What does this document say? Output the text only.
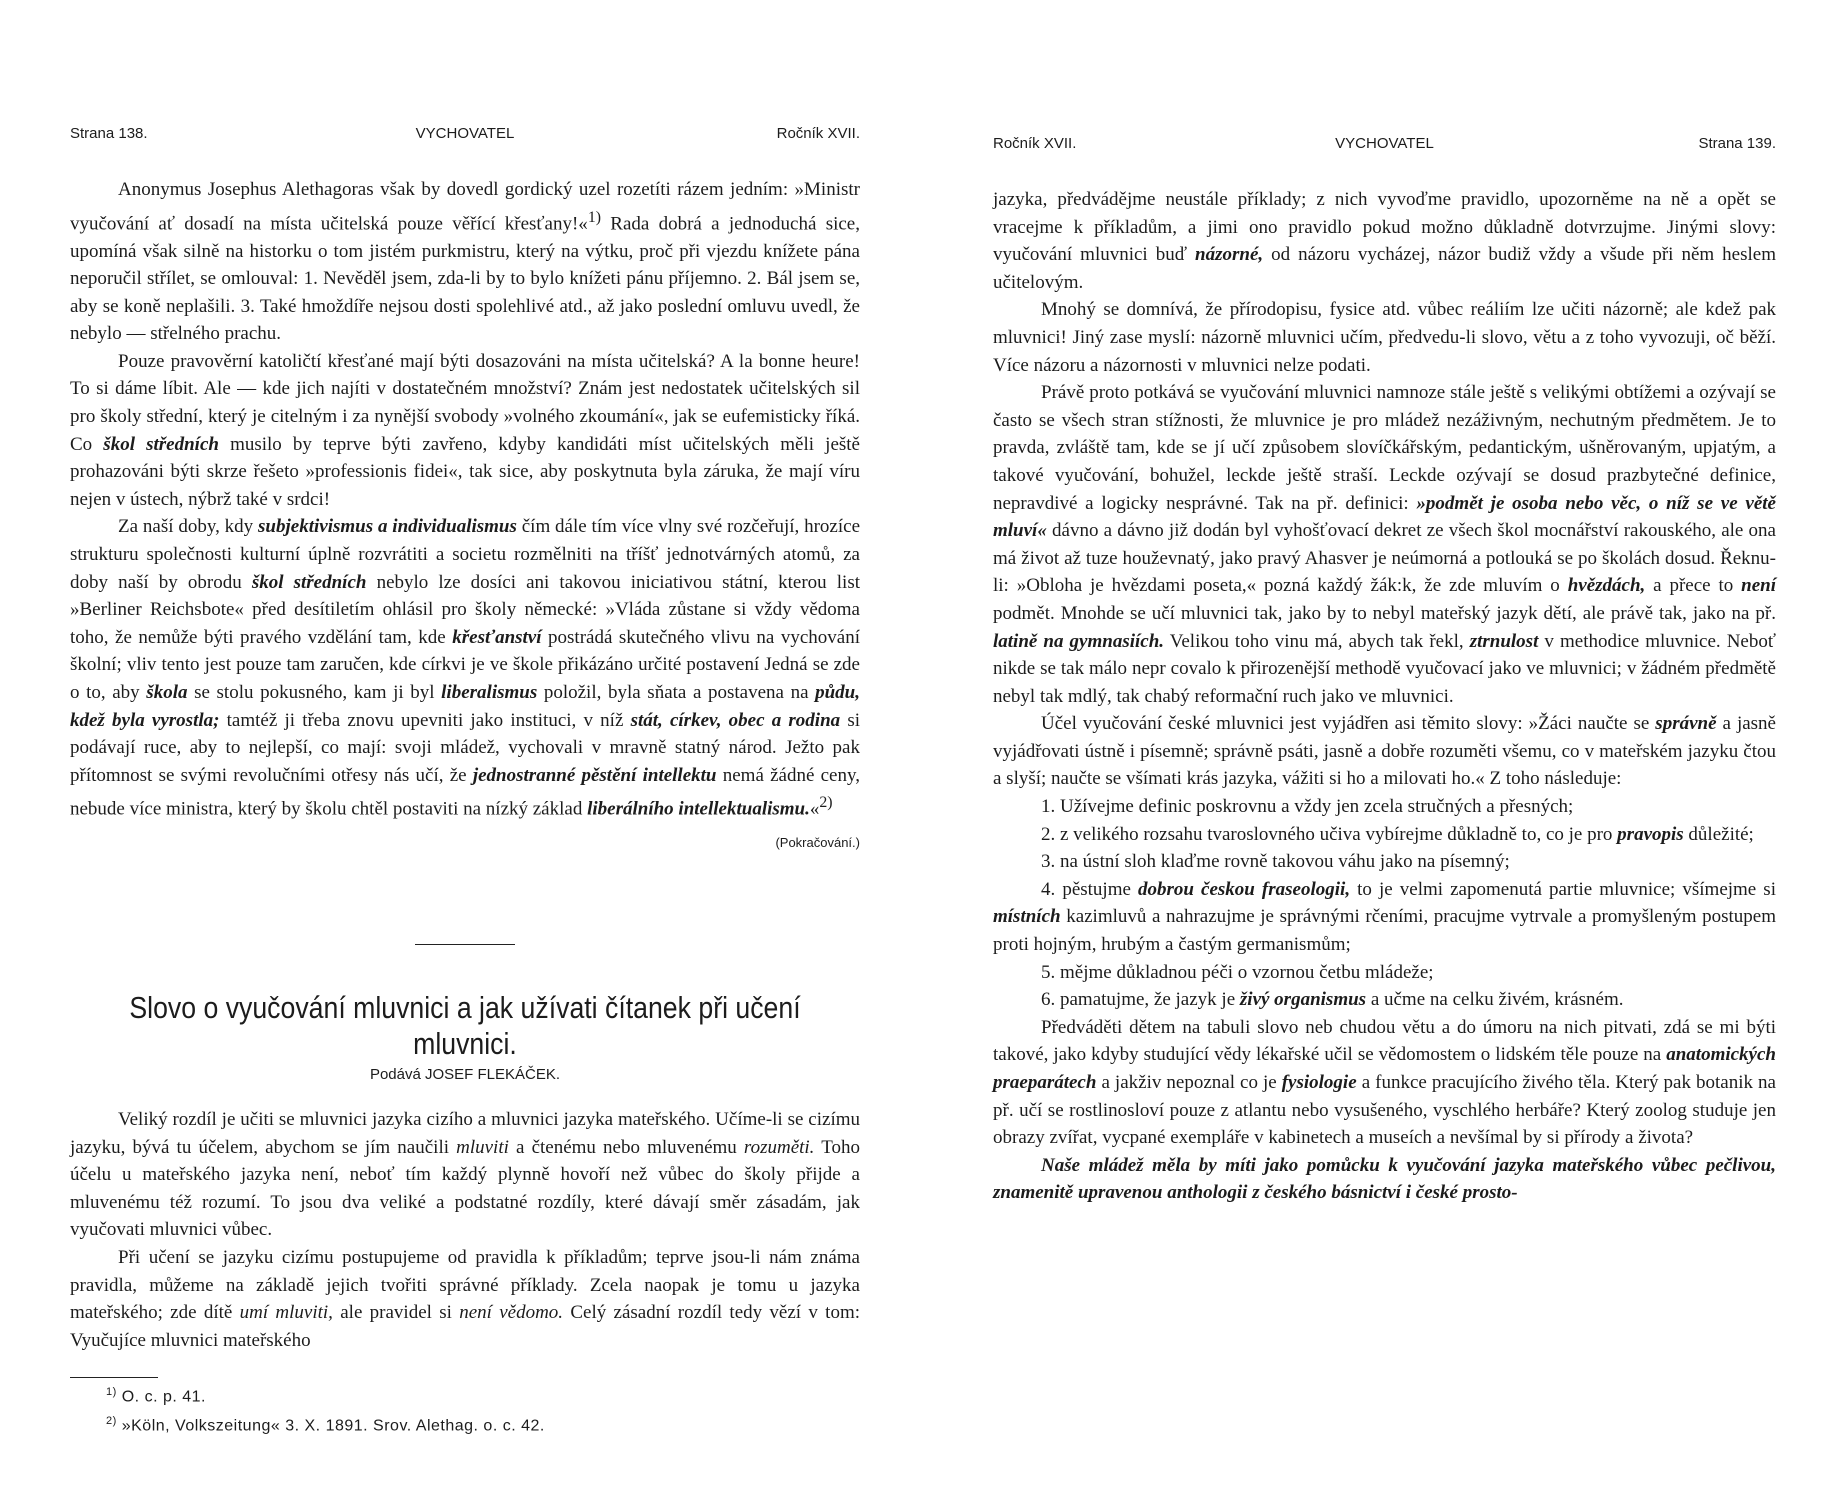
Strana 138.	VYCHOVATEL	Ročník XVII.

Anonymus Josephus Alethagoras však by dovedl gordický uzel rozetíti rázem jedním: »Ministr vyučování ať dosadí na místa učitelská pouze věřící křesťany!«$^{1)}$ Rada dobrá a jednoduchá sice, upomíná však silně na historku o tom jistém purkmistru, který na výtku, proč při vjezdu knížete pána neporučil střílet, se omlouval: 1. Nevěděl jsem, zda-li by to bylo knížeti pánu příjemno. 2. Bál jsem se, aby se koně neplašili. 3. Také hmoždíře nejsou dosti spolehlivé atd., až jako poslední omluvu uvedl, že nebylo — střelného prachu.

Pouze pravověrní katoličtí křesťané mají býti dosazováni na místa učitelská? A la bonne heure! To si dáme líbit. Ale — kde jich najíti v dostatečném množství? Znám jest nedostatek učitelských sil pro školy střední, který je citelným i za nynější svobody »volného zkoumání«, jak se eufemisticky říká. Co škol středních musilo by teprve býti zavřeno, kdyby kandidáti míst učitelských měli ještě prohazováni býti skrze řešeto »professionis fidei«, tak sice, aby poskytnuta byla záruka, že mají víru nejen v ústech, nýbrž také v srdci!

Za naší doby, kdy subjektivismus a individualismus čím dále tím více vlny své rozčeřují, hrozíce strukturu společnosti kulturní úplně rozvrátiti a societu rozmělniti na tříšť jednotvárných atomů, za doby naší by obrodu škol středních nebylo lze dosíci ani takovou iniciativou státní, kterou list »Berliner Reichsbote« před desítiletím ohlásil pro školy německé: »Vláda zůstane si vždy vědoma toho, že nemůže býti pravého vzdělání tam, kde křesťanství postrádá skutečného vlivu na vychování školní; vliv tento jest pouze tam zaručen, kde církvi je ve škole přikázáno určité postavení Jedná se zde o to, aby škola se stolu pokusného, kam ji byl liberalismus položil, byla sňata a postavena na půdu, kdež byla vyrostla; tamtéž ji třeba znovu upevniti jako instituci, v níž stát, církev, obec a rodina si podávají ruce, aby to nejlepší, co mají: svoji mládež, vychovali v mravně statný národ. Ježto pak přítomnost se svými revolučními otřesy nás učí, že jednostranné pěstění intellektu nemá žádné ceny, nebude více ministra, který by školu chtěl postaviti na nízký základ liberálního intellektualismu.«$^{2)}$
(Pokračování.)

Slovo o vyučování mluvnici a jak užívati čítanek při učení mluvnici.
Podává JOSEF FLEKÁČEK.

Veliký rozdíl je učiti se mluvnici jazyka cizího a mluvnici jazyka mateřského. Učíme-li se cizímu jazyku, bývá tu účelem, abychom se jím naučili mluviti a čtenému nebo mluvenému rozuměti. Toho účelu u mateřského jazyka není, neboť tím každý plynně hovoří než vůbec do školy přijde a mluvenému též rozumí. To jsou dva veliké a podstatné rozdíly, které dávají směr zásadám, jak vyučovati mluvnici vůbec.

Při učení se jazyku cizímu postupujeme od pravidla k příkladům; teprve jsou-li nám známa pravidla, můžeme na základě jejich tvořiti správné příklady. Zcela naopak je tomu u jazyka mateřského; zde dítě umí mluviti, ale pravidel si není vědomo. Celý zásadní rozdíl tedy vězí v tom: Vyučujíce mluvnici mateřského

$^{1)}$ O. c. p. 41.
$^{2)}$ »Köln, Volkszeitung« 3. X. 1891. Srov. Alethag. o. c. 42.
Ročník XVII.	VYCHOVATEL	Strana 139.

jazyka, předvádějme neustále příklady; z nich vyvoďme pravidlo, upozorněme na ně a opět se vracejme k příkladům, a jimi ono pravidlo pokud možno důkladně dotvrzujme. Jinými slovy: vyučování mluvnici buď názorné, od názoru vycházej, názor budiž vždy a všude při něm heslem učitelovým.

Mnohý se domnívá, že přírodopisu, fysice atd. vůbec reáliím lze učiti názorně; ale kdež pak mluvnici! Jiný zase myslí: názorně mluvnici učím, předvedu-li slovo, větu a z toho vyvozuji, oč běží. Více názoru a názornosti v mluvnici nelze podati.

Právě proto potkává se vyučování mluvnici namnoze stále ještě s velikými obtížemi a ozývají se často se všech stran stížnosti, že mluvnice je pro mládež nezáživným, nechutným předmětem. Je to pravda, zvláště tam, kde se jí učí způsobem slovíčkářským, pedantickým, ušněrovaným, upjatým, a takové vyučování, bohužel, leckde ještě straší. Leckde ozývají se dosud prazbytečné definice, nepravdivé a logicky nesprávné. Tak na př. definici: »podmět je osoba nebo věc, o níž se ve větě mluví« dávno a dávno již dodán byl vyhošťovací dekret ze všech škol mocnářství rakouského, ale ona má život až tuze houževnatý, jako pravý Ahasver je neúmorná a potlouká se po školách dosud. Řeknu-li: »Obloha je hvězdami poseta,« pozná každý žák:k, že zde mluvím o hvězdách, a přece to není podmět. Mnohde se učí mluvnici tak, jako by to nebyl mateřský jazyk dětí, ale právě tak, jako na př. latině na gymnasiích. Velikou toho vinu má, abych tak řekl, ztrnulost v methodice mluvnice. Neboť nikde se tak málo nepr covalo k přirozenější methodě vyučovací jako ve mluvnici; v žádném předmětě nebyl tak mdlý, tak chabý reformační ruch jako ve mluvnici.

Účel vyučování české mluvnici jest vyjádřen asi těmito slovy: »Žáci naučte se správně a jasně vyjádřovati ústně i písemně; správně psáti, jasně a dobře rozuměti všemu, co v mateřském jazyku čtou a slyší; naučte se všímati krás jazyka, vážiti si ho a milovati ho.« Z toho následuje:

1. Užívejme definic poskrovnu a vždy jen zcela stručných a přesných;

2. z velikého rozsahu tvaroslovného učiva vybírejme důkladně to, co je pro pravopis důležité;

3. na ústní sloh klaďme rovně takovou váhu jako na písemný;

4. pěstujme dobrou českou fraseologii, to je velmi zapomenutá partie mluvnice; všímejme si místních kazimluvů a nahrazujme je správnými rčeními, pracujme vytrvale a promyšleným postupem proti hojným, hrubým a častým germanismům;

5. mějme důkladnou péči o vzornou četbu mládeže;

6. pamatujme, že jazyk je živý organismus a učme na celku živém, krásném.

Předváděti dětem na tabuli slovo neb chudou větu a do úmoru na nich pitvati, zdá se mi býti takové, jako kdyby studující vědy lékařské učil se vědomostem o lidském těle pouze na anatomických praeparátech a jakživ nepoznal co je fysiologie a funkce pracujícího živého těla. Který pak botanik na př. učí se rostlinosloví pouze z atlantu nebo vysušeného, vyschlého herbáře? Který zoolog studuje jen obrazy zvířat, vycpané exempláře v kabinetech a museích a nevšímal by si přírody a života?

Naše mládež měla by míti jako pomůcku k vyučování jazyka mateřského vůbec pečlivou, znamenitě upravenou anthologii z českého básnictví i české prosto-
